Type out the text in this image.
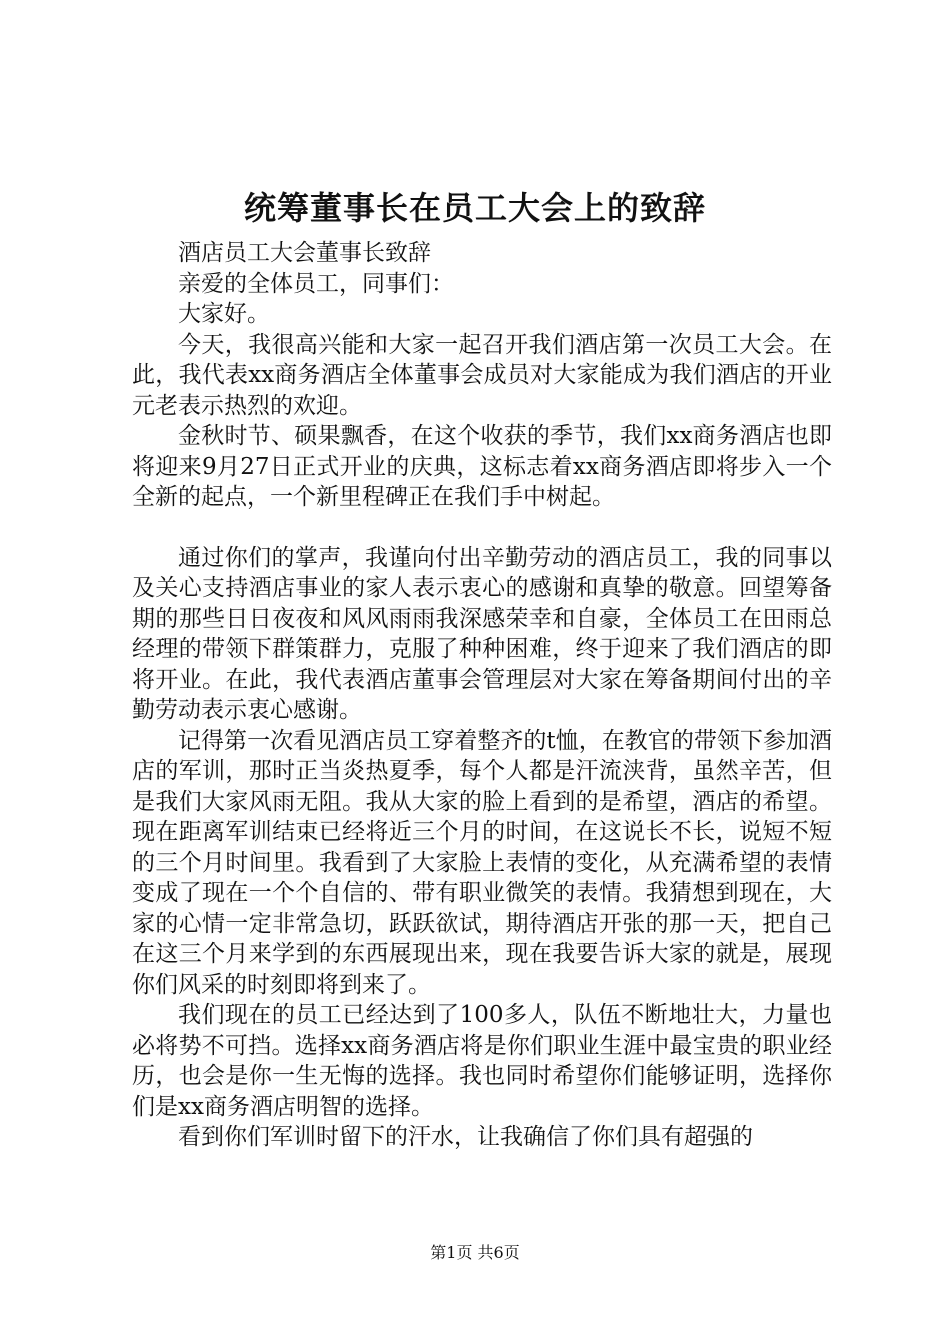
统筹董事长在员工大会上的致辞

酒店员工大会董事长致辞

亲爱的全体员工，同事们：

大家好。

今天，我很高兴能和大家一起召开我们酒店第一次员工大会。在此，我代表xx商务酒店全体董事会成员对大家能成为我们酒店的开业元老表示热烈的欢迎。

金秋时节、硕果飘香，在这个收获的季节，我们xx商务酒店也即将迎来9月27日正式开业的庆典，这标志着xx商务酒店即将步入一个全新的起点，一个新里程碑正在我们手中树起。

通过你们的掌声，我谨向付出辛勤劳动的酒店员工，我的同事以及关心支持酒店事业的家人表示衷心的感谢和真挚的敬意。回望筹备期的那些日日夜夜和风风雨雨我深感荣幸和自豪，全体员工在田雨总经理的带领下群策群力，克服了种种困难，终于迎来了我们酒店的即将开业。在此，我代表酒店董事会管理层对大家在筹备期间付出的辛勤劳动表示衷心感谢。

记得第一次看见酒店员工穿着整齐的t恤，在教官的带领下参加酒店的军训，那时正当炎热夏季，每个人都是汗流浃背，虽然辛苦，但是我们大家风雨无阻。我从大家的脸上看到的是希望，酒店的希望。现在距离军训结束已经将近三个月的时间，在这说长不长，说短不短的三个月时间里。我看到了大家脸上表情的变化，从充满希望的表情变成了现在一个个自信的、带有职业微笑的表情。我猜想到现在，大家的心情一定非常急切，跃跃欲试，期待酒店开张的那一天，把自己在这三个月来学到的东西展现出来，现在我要告诉大家的就是，展现你们风采的时刻即将到来了。

我们现在的员工已经达到了100多人，队伍不断地壮大，力量也必将势不可挡。选择xx商务酒店将是你们职业生涯中最宝贵的职业经历，也会是你一生无悔的选择。我也同时希望你们能够证明，选择你们是xx商务酒店明智的选择。

看到你们军训时留下的汗水，让我确信了你们具有超强的

第1页 共6页
